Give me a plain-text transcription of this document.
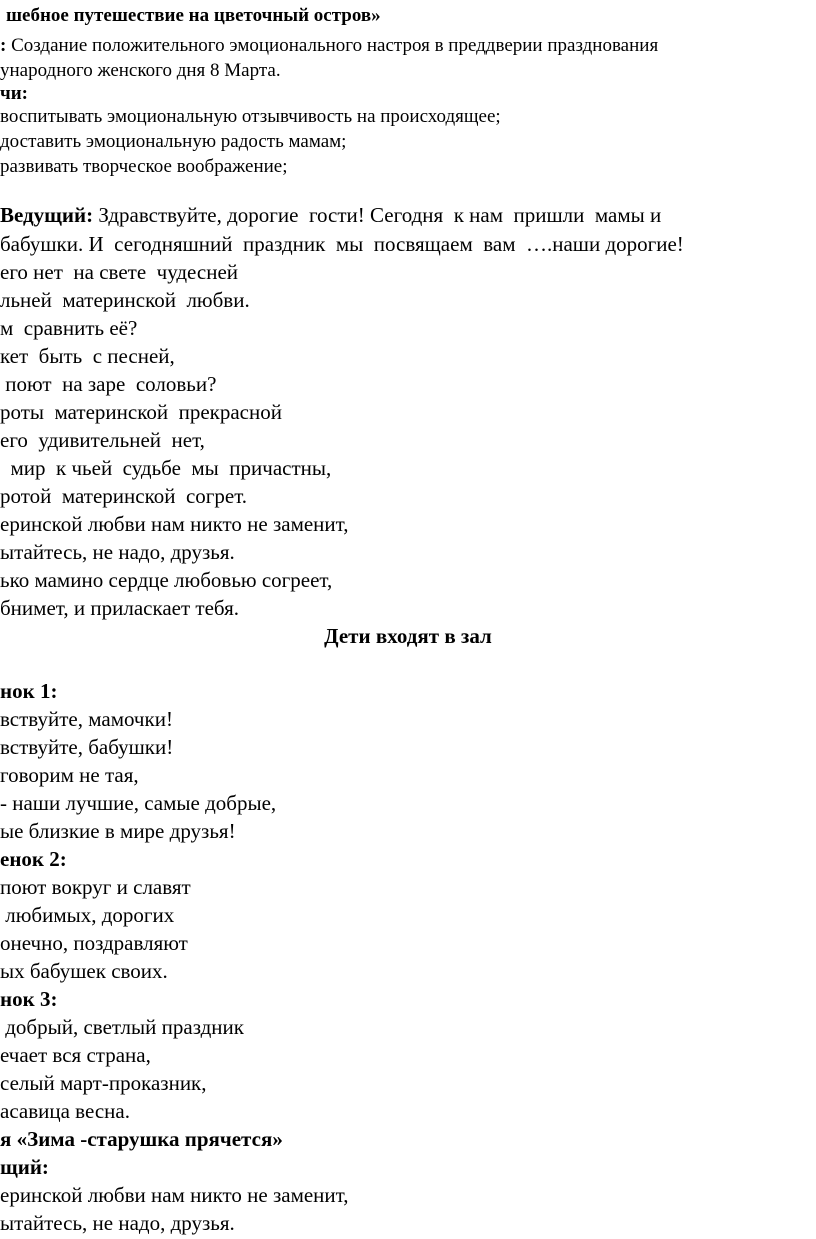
шебное путешествие на цветочный остров»
: Создание положительного эмоционального настроя в преддверии празднования
ународного женского дня 8 Марта.
чи:
воспитывать эмоциональную отзывчивость на происходящее;
доставить эмоциональную радость мамам;
развивать творческое воображение;
Ведущий: Здравствуйте, дорогие  гости! Сегодня  к нам  пришли  мамы и
бабушки. И  сегодняшний  праздник  мы  посвящаем  вам  ….наши дорогие!
его нет  на свете  чудесней
льней  материнской  любви.
м  сравнить её?
кет  быть  с песней,
поют  на заре  соловьи?
роты  материнской  прекрасной
его  удивительней  нет,
мир  к чьей  судьбе  мы  причастны,
ротой  материнской  согрет.
еринской любви нам никто не заменит,
ытайтесь, не надо, друзья.
ько мамино сердце любовью согреет,
бнимет, и приласкает тебя.
Дети входят в зал
нок 1:
вствуйте, мамочки!
вствуйте, бабушки!
говорим не тая,
- наши лучшие, самые добрые,
ые близкие в мире друзья!
енок 2:
поют вокруг и славят
любимых, дорогих
онечно, поздравляют
ых бабушек своих.
нок 3:
добрый, светлый праздник
ечает вся страна,
селый март-проказник,
асавица весна.
я «Зима -старушка прячется»
щий:
еринской любви нам никто не заменит,
ытайтесь, не надо, друзья.
